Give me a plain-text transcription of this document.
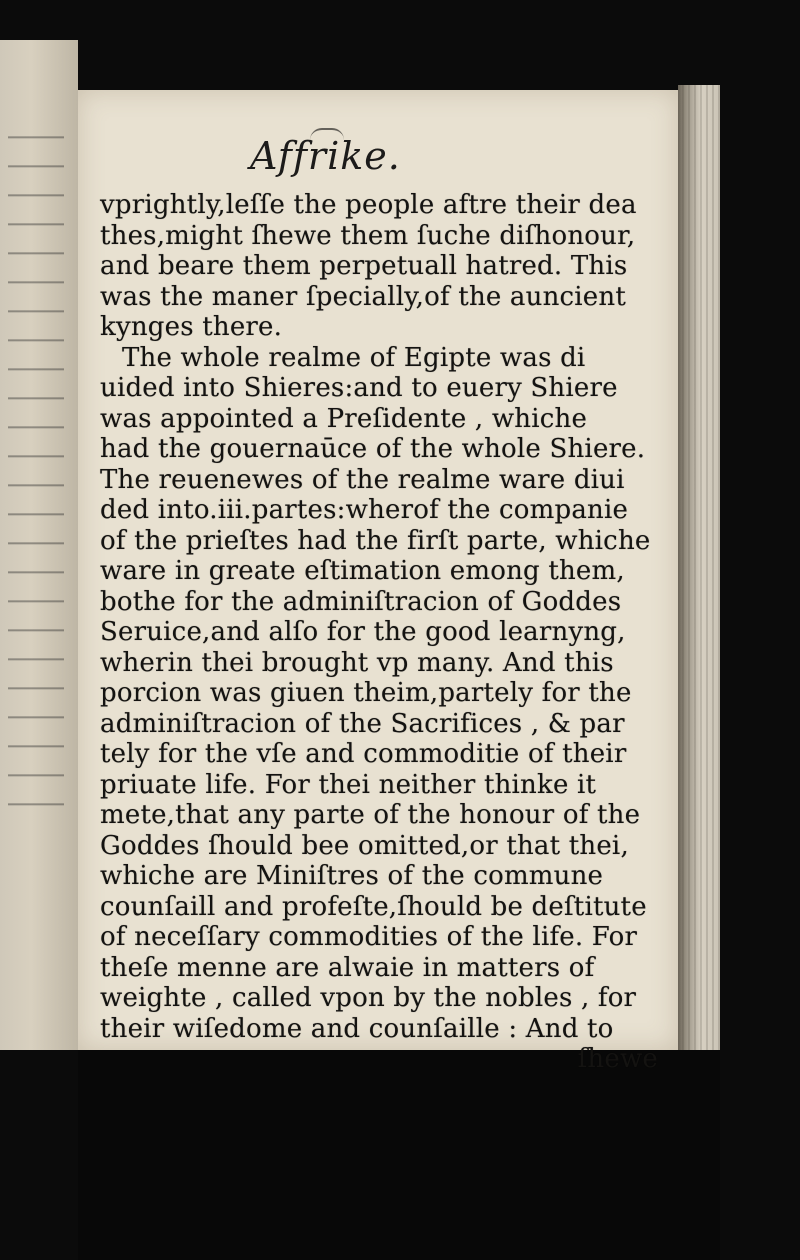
Affrike.
vprightly,leſſe the people aftre their dea
thes,might ſhewe them ſuche diſhonour,
and beare them perpetuall hatred. This
was the maner ſpecially,of the auncient
kynges there.
The whole realme of Egipte was di
uided into Shieres:and to euery Shiere
was appointed a Preſidente , whiche
had the gouernaūce of the whole Shiere.
The reuenewes of the realme ware diui
ded into.iii.partes:wherof the companie
of the prieſtes had the firſt parte, whiche
ware in greate eſtimation emong them,
bothe for the adminiſtracion of Goddes
Seruice,and alſo for the good learnyng,
wherin thei brought vp many. And this
porcion was giuen theim,partely for the
adminiſtracion of the Sacrifices , & par
tely for the vſe and commoditie of their
priuate life. For thei neither thinke it
mete,that any parte of the honour of the
Goddes ſhould bee omitted,or that thei,
whiche are Miniſtres of the commune
counſaill and profeſte,ſhould be deſtitute
of neceſſary commodities of the life. For
theſe menne are alwaie in matters of
weighte , called vpon by the nobles , for
their wiſedome and counſaille : And to
ſhewe
